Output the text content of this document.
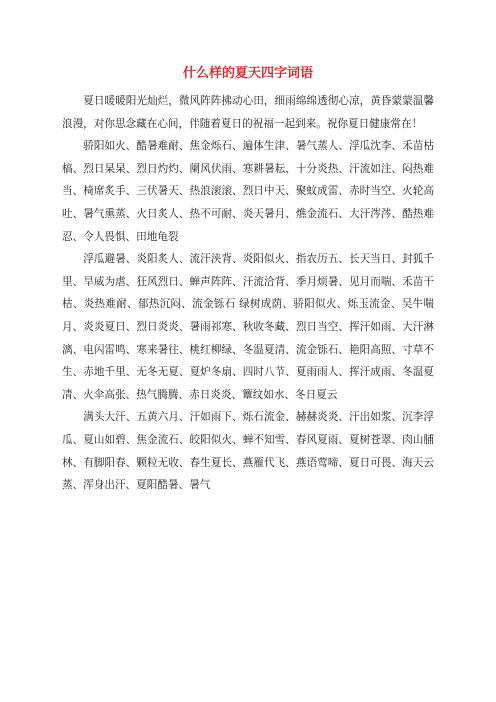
什么样的夏天四字词语

夏日暖暖阳光灿烂，微风阵阵拂动心田，细雨绵绵透彻心凉，黄昏蒙蒙温馨浪漫，对你思念藏在心间，伴随着夏日的祝福一起到来。祝你夏日健康常在！

骄阳如火、酷暑难耐、焦金烁石、遍体生津、暑气蒸人、浮瓜沈李、禾苗枯槁、烈日杲杲、烈日灼灼、阑风伏雨、寒耕暑耘、十分炎热、汗流如注、闷热难当、椅席炙手、三伏暑天、热浪滚滚、烈日中天、聚蚊成雷、赤时当空、火轮高吐、暑气熏蒸、火日炙人、热不可耐、炎天暑月、燋金流石、大汗涔涔、酷热难忍、令人畏惧、田地龟裂

浮瓜避暑、炎阳炙人、流汗浃背、炎阳似火、指农历五、长天当日、封狐千里、旱威为虐、狂风烈日、蝉声阵阵、汗流洽背、季月烦暑、见月而喘、禾苗干枯、炎热难耐、郁热沉闷、流金铄石 绿树成荫、骄阳似火、烁玉流金、吴牛喘月、炎炎夏日、烈日炎炎、暑雨祁寒、秋收冬藏、烈日当空、挥汗如雨、大汗淋漓、电闪雷鸣、寒来暑往、桃红柳绿、冬温夏清、流金铄石、艳阳高照、寸草不生、赤地千里、无冬无夏、夏炉冬扇、四时八节、夏雨雨人、挥汗成雨、冬温夏凊、火伞高张、热气腾腾、赤日炎炎、簟纹如水、冬日夏云

满头大汗、五黄六月、汗如雨下、烁石流金、赫赫炎炎、汗出如浆、沉李浮瓜、夏山如碧、焦金流石、皎阳似火、蝉不知雪、春风夏雨、夏树苍翠、肉山脯林、有脚阳春、颗粒无收、春生夏长、燕雁代飞、燕语莺啼、夏日可畏、海天云蒸、浑身出汗、夏阳酷暑、暑气
